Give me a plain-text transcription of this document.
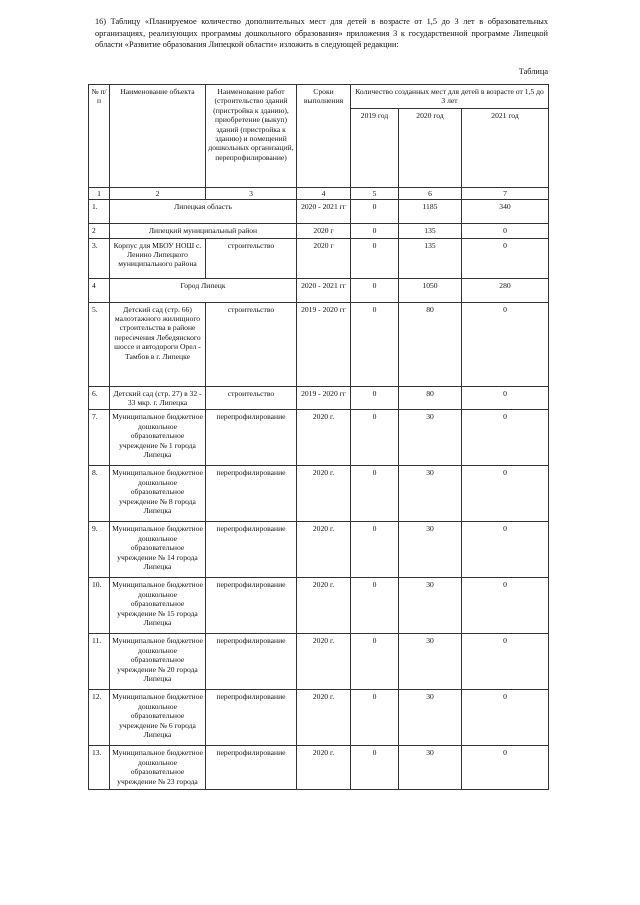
16) Таблицу «Планируемое количество дополнительных мест для детей в возрасте от 1,5 до 3 лет в образовательных организациях, реализующих программы дошкольного образования» приложения 3 к государственной программе Липецкой области «Развитие образования Липецкой области» изложить в следующей редакции:
Таблица
№ п/п	Наименование объекта	Наименование работ (строительство зданий (пристройка к зданию), приобретение (выкуп) зданий (пристройка к зданию) и помещений дошкольных организаций, перепрофилирование)	Сроки выполнения	Количество созданных мест для детей в возрасте от 1,5 до 3 лет		
				2019 год	2020 год	2021 год
1	2	3	4	5	6	7
1.	Липецкая область		2020 - 2021 гг	0	1185	340
2	Липецкий муниципальный район		2020 г	0	135	0
3.	Корпус для МБОУ НОШ с. Ленино Липецкого муниципального района	строительство	2020 г	0	135	0
4	Город Липецк		2020 - 2021 гг	0	1050	280
5.	Детский сад (стр. 66) малоэтажного жилищного строительства в районе пересечения Лебедянского шоссе и автодороги Орел - Тамбов в г. Липецке	строительство	2019 - 2020 гг	0	80	0
6.	Детский сад (стр. 27) в 32 - 33 мкр. г. Липецка	строительство	2019 - 2020 гг	0	80	0
7.	Муниципальное бюджетное дошкольное образовательное учреждение № 1 города Липецка	перепрофилирование	2020 г.	0	30	0
8.	Муниципальное бюджетное дошкольное образовательное учреждение № 8 города Липецка	перепрофилирование	2020 г.	0	30	0
9.	Муниципальное бюджетное дошкольное образовательное учреждение № 14 города Липецка	перепрофилирование	2020 г.	0	30	0
10.	Муниципальное бюджетное дошкольное образовательное учреждение № 15 города Липецка	перепрофилирование	2020 г.	0	30	0
11.	Муниципальное бюджетное дошкольное образовательное учреждение № 20 города Липецка	перепрофилирование	2020 г.	0	30	0
12.	Муниципальное бюджетное дошкольное образовательное учреждение № 6 города Липецка	перепрофилирование	2020 г.	0	30	0
13.	Муниципальное бюджетное дошкольное образовательное учреждение № 23 города	перепрофилирование	2020 г.	0	30	0
